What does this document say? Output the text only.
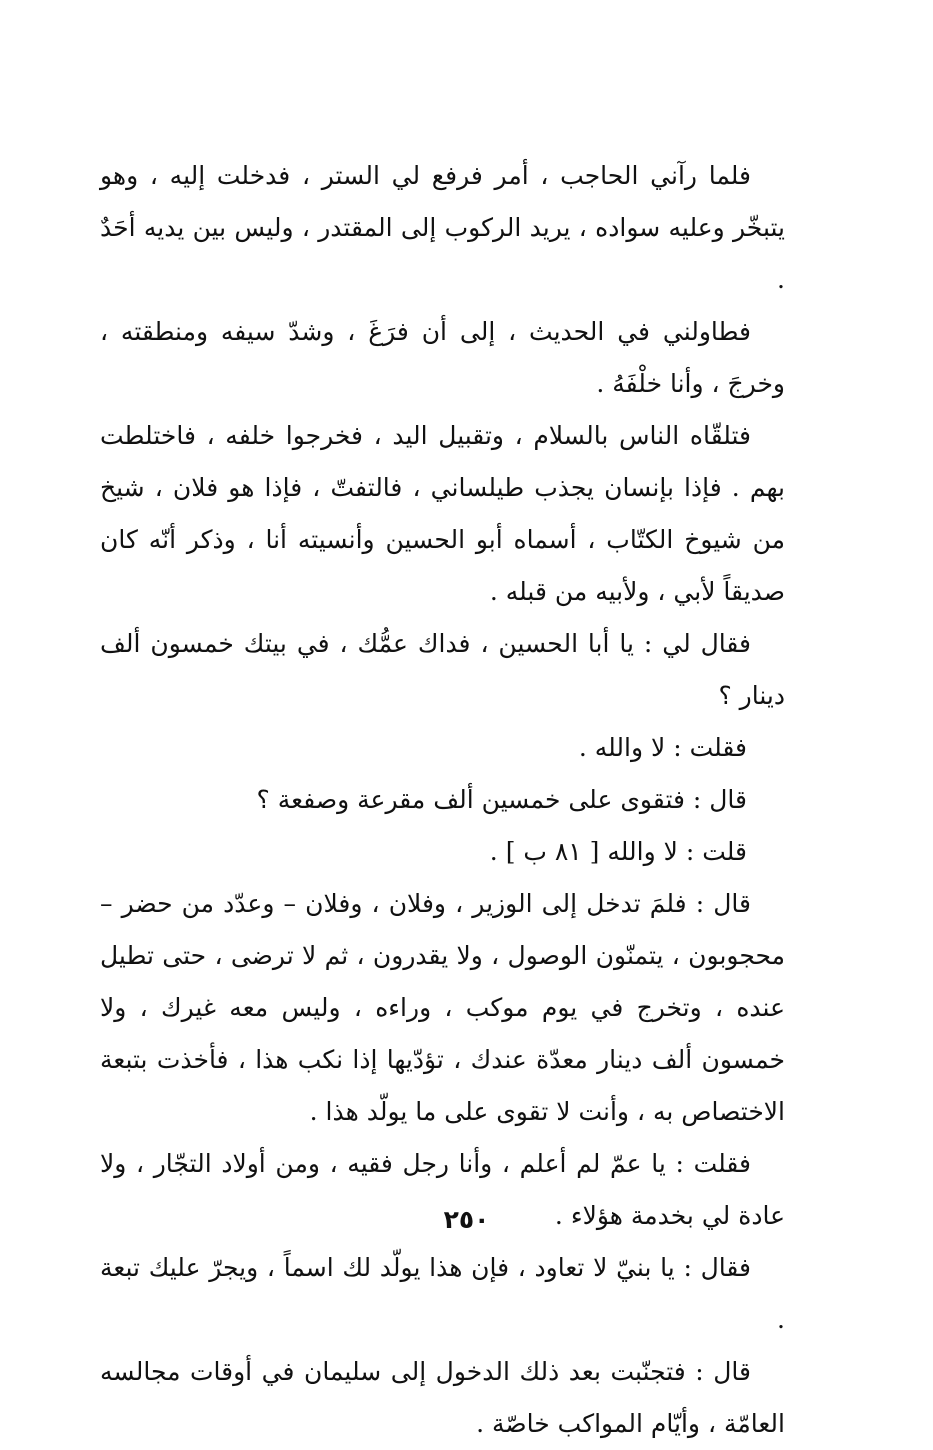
فلما رآني الحاجب ، أمر فرفع لي الستر ، فدخلت إليه ، وهو يتبخّر وعليه سواده ، يريد الركوب إلى المقتدر ، وليس بين يديه أحَدٌ .

فطاولني في الحديث ، إلى أن فرَغَ ، وشدّ سيفه ومنطقته ، وخرجَ ، وأنا خلْفَهُ .

فتلقّاه الناس بالسلام ، وتقبيل اليد ، فخرجوا خلفه ، فاختلطت بهم . فإذا بإنسان يجذب طيلساني ، فالتفتّ ، فإذا هو فلان ، شيخ من شيوخ الكتّاب ، أسماه أبو الحسين وأنسيته أنا ، وذكر أنّه كان صديقاً لأبي ، ولأبيه من قبله .

فقال لي : يا أبا الحسين ، فداك عمُّك ، في بيتك خمسون ألف دينار ؟

فقلت : لا والله .

قال : فتقوى على خمسين ألف مقرعة وصفعة ؟

قلت : لا والله [ ٨١ ب ] .

قال : فلمَ تدخل إلى الوزير ، وفلان ، وفلان – وعدّد من حضر – محجوبون ، يتمنّون الوصول ، ولا يقدرون ، ثم لا ترضى ، حتى تطيل عنده ، وتخرج في يوم موكب ، وراءه ، وليس معه غيرك ، ولا خمسون ألف دينار معدّة عندك ، تؤدّيها إذا نكب هذا ، فأخذت بتبعة الاختصاص به ، وأنت لا تقوى على ما يولّد هذا .

فقلت : يا عمّ لم أعلم ، وأنا رجل فقيه ، ومن أولاد التجّار ، ولا عادة لي بخدمة هؤلاء .

فقال : يا بنيّ لا تعاود ، فإن هذا يولّد لك اسماً ، ويجرّ عليك تبعة .

قال : فتجنّبت بعد ذلك الدخول إلى سليمان في أوقات مجالسه العامّة ، وأيّام المواكب خاصّة .

٢٥٠
